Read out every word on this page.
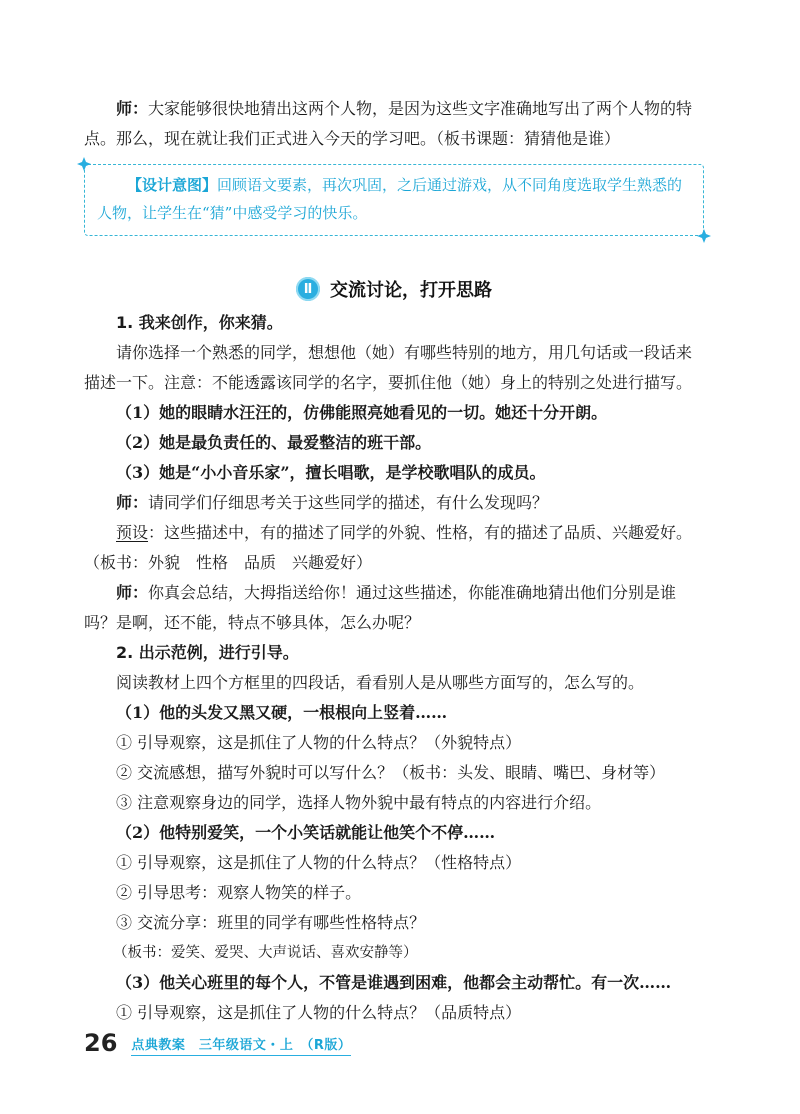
师：大家能够很快地猜出这两个人物，是因为这些文字准确地写出了两个人物的特点。那么，现在就让我们正式进入今天的学习吧。（板书课题：猜猜他是谁）

【设计意图】回顾语文要素，再次巩固，之后通过游戏，从不同角度选取学生熟悉的人物，让学生在“猜”中感受学习的快乐。

Ⅱ 交流讨论，打开思路

1. 我来创作，你来猜。

请你选择一个熟悉的同学，想想他（她）有哪些特别的地方，用几句话或一段话来描述一下。注意：不能透露该同学的名字，要抓住他（她）身上的特别之处进行描写。

（1）她的眼睛水汪汪的，仿佛能照亮她看见的一切。她还十分开朗。

（2）她是最负责任的、最爱整洁的班干部。

（3）她是“小小音乐家”，擅长唱歌，是学校歌唱队的成员。

师：请同学们仔细思考关于这些同学的描述，有什么发现吗？

预设：这些描述中，有的描述了同学的外貌、性格，有的描述了品质、兴趣爱好。（板书：外貌　性格　品质　兴趣爱好）

师：你真会总结，大拇指送给你！通过这些描述，你能准确地猜出他们分别是谁吗？是啊，还不能，特点不够具体，怎么办呢？

2. 出示范例，进行引导。

阅读教材上四个方框里的四段话，看看别人是从哪些方面写的，怎么写的。

（1）他的头发又黑又硬，一根根向上竖着……

① 引导观察，这是抓住了人物的什么特点？（外貌特点）

② 交流感想，描写外貌时可以写什么？（板书：头发、眼睛、嘴巴、身材等）

③ 注意观察身边的同学，选择人物外貌中最有特点的内容进行介绍。

（2）他特别爱笑，一个小笑话就能让他笑个不停……

① 引导观察，这是抓住了人物的什么特点？（性格特点）

② 引导思考：观察人物笑的样子。

③ 交流分享：班里的同学有哪些性格特点？

（板书：爱笑、爱哭、大声说话、喜欢安静等）

（3）他关心班里的每个人，不管是谁遇到困难，他都会主动帮忙。有一次……

① 引导观察，这是抓住了人物的什么特点？（品质特点）

26 点典教案　三年级语文・上　（R版）
